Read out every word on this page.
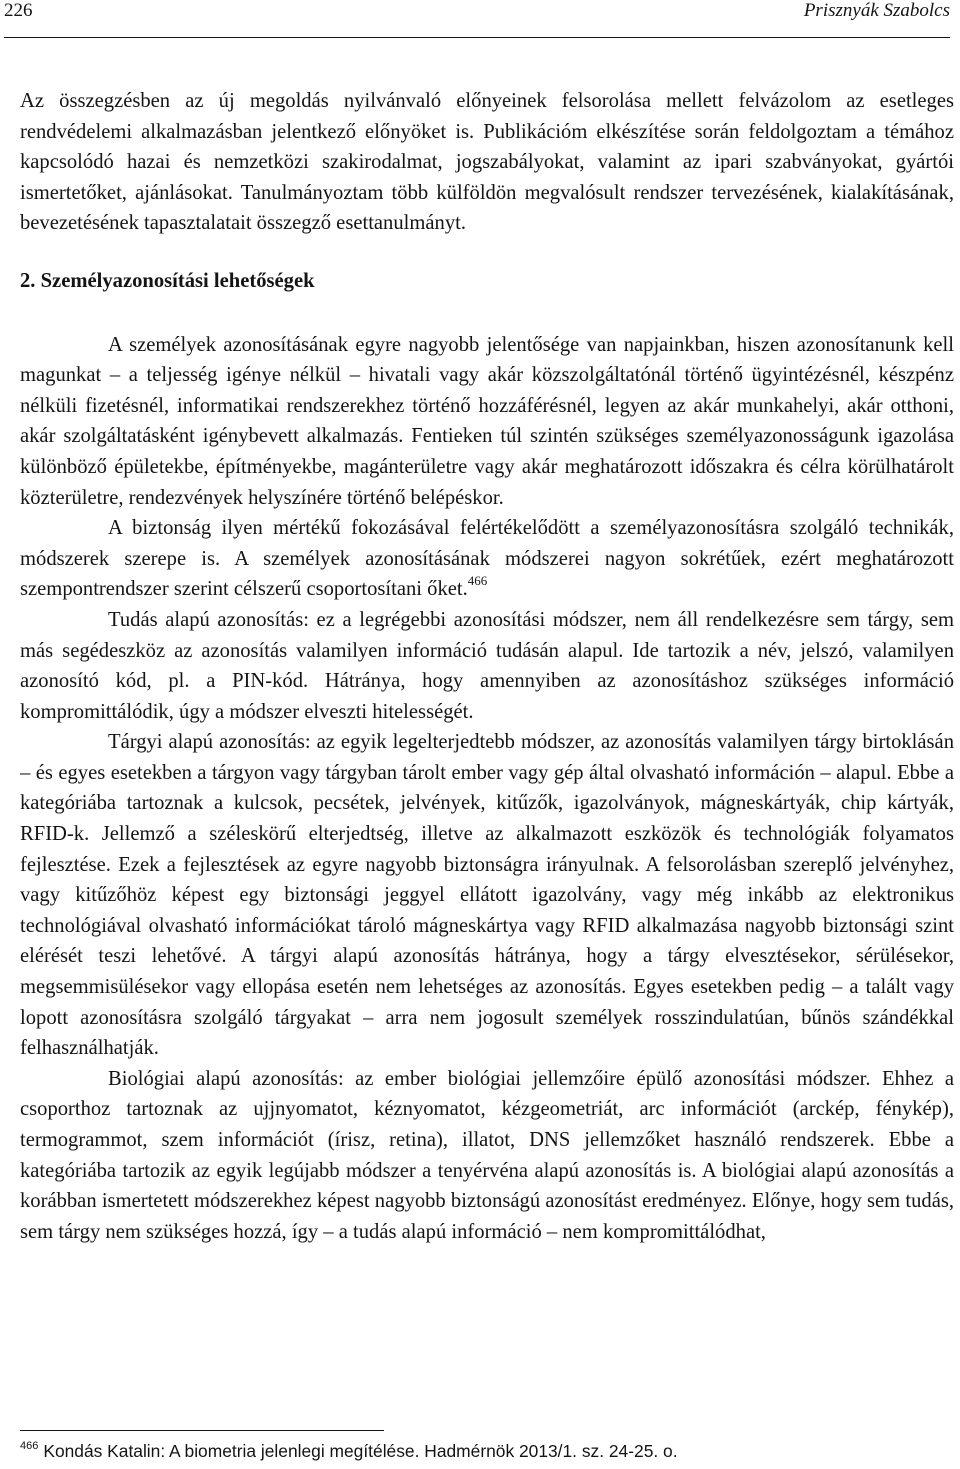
226	Prisznyák Szabolcs

Az összegzésben az új megoldás nyilvánvaló előnyeinek felsorolása mellett felvázolom az esetleges rendvédelemi alkalmazásban jelentkező előnyöket is. Publikációm elkészítése során feldolgoztam a témához kapcsolódó hazai és nemzetközi szakirodalmat, jogszabályokat, valamint az ipari szabványokat, gyártói ismertetőket, ajánlásokat. Tanulmányoztam több külföldön megvalósult rendszer tervezésének, kialakításának, bevezetésének tapasztalatait összegző esettanulmányt.

2. Személyazonosítási lehetőségek

A személyek azonosításának egyre nagyobb jelentősége van napjainkban, hiszen azonosítanunk kell magunkat – a teljesség igénye nélkül – hivatali vagy akár közszolgáltatónál történő ügyintézésnél, készpénz nélküli fizetésnél, informatikai rendszerekhez történő hozzáférésnél, legyen az akár munkahelyi, akár otthoni, akár szolgáltatásként igénybevett alkalmazás. Fentieken túl szintén szükséges személyazonosságunk igazolása különböző épületekbe, építményekbe, magánterületre vagy akár meghatározott időszakra és célra körülhatárolt közterületre, rendezvények helyszínére történő belépéskor.

A biztonság ilyen mértékű fokozásával felértékelődött a személyazonosításra szolgáló technikák, módszerek szerepe is. A személyek azonosításának módszerei nagyon sokrétűek, ezért meghatározott szempontrendszer szerint célszerű csoportosítani őket.$^{466}$

Tudás alapú azonosítás: ez a legrégebbi azonosítási módszer, nem áll rendelkezésre sem tárgy, sem más segédeszköz az azonosítás valamilyen információ tudásán alapul. Ide tartozik a név, jelszó, valamilyen azonosító kód, pl. a PIN-kód. Hátránya, hogy amennyiben az azonosításhoz szükséges információ kompromittálódik, úgy a módszer elveszti hitelességét.

Tárgyi alapú azonosítás: az egyik legelterjedtebb módszer, az azonosítás valamilyen tárgy birtoklásán – és egyes esetekben a tárgyon vagy tárgyban tárolt ember vagy gép által olvasható információn – alapul. Ebbe a kategóriába tartoznak a kulcsok, pecsétek, jelvények, kitűzők, igazolványok, mágneskártyák, chip kártyák, RFID-k. Jellemző a széleskörű elterjedtség, illetve az alkalmazott eszközök és technológiák folyamatos fejlesztése. Ezek a fejlesztések az egyre nagyobb biztonságra irányulnak. A felsorolásban szereplő jelvényhez, vagy kitűzőhöz képest egy biztonsági jeggyel ellátott igazolvány, vagy még inkább az elektronikus technológiával olvasható információkat tároló mágneskártya vagy RFID alkalmazása nagyobb biztonsági szint elérését teszi lehetővé. A tárgyi alapú azonosítás hátránya, hogy a tárgy elvesztésekor, sérülésekor, megsemmisülésekor vagy ellopása esetén nem lehetséges az azonosítás. Egyes esetekben pedig – a talált vagy lopott azonosításra szolgáló tárgyakat – arra nem jogosult személyek rosszindulatúan, bűnös szándékkal felhasználhatják.

Biológiai alapú azonosítás: az ember biológiai jellemzőire épülő azonosítási módszer. Ehhez a csoporthoz tartoznak az ujjnyomatot, kéznyomatot, kézgeometriát, arc információt (arckép, fénykép), termogrammot, szem információt (írisz, retina), illatot, DNS jellemzőket használó rendszerek. Ebbe a kategóriába tartozik az egyik legújabb módszer a tenyérvéna alapú azonosítás is. A biológiai alapú azonosítás a korábban ismertetett módszerekhez képest nagyobb biztonságú azonosítást eredményez. Előnye, hogy sem tudás, sem tárgy nem szükséges hozzá, így – a tudás alapú információ – nem kompromittálódhat,

$^{466}$ Kondás Katalin: A biometria jelenlegi megítélése. Hadmérnök 2013/1. sz. 24-25. o.
